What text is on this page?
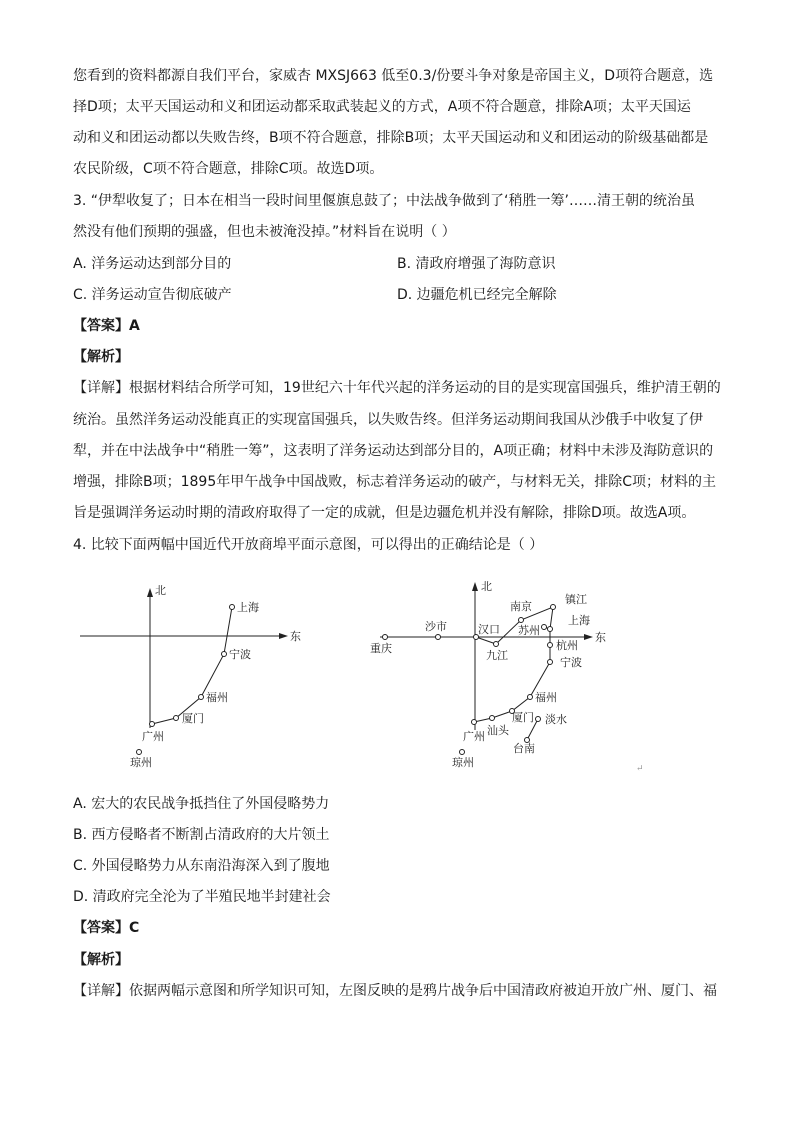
您看到的资料都源自我们平台，家威杏 MXSJ663 低至0.3/份要斗争对象是帝国主义，D项符合题意，选
择D项；太平天国运动和义和团运动都采取武装起义的方式，A项不符合题意，排除A项；太平天国运
动和义和团运动都以失败告终，B项不符合题意，排除B项；太平天国运动和义和团运动的阶级基础都是
农民阶级，C项不符合题意，排除C项。故选D项。
3. “伊犁收复了；日本在相当一段时间里偃旗息鼓了；中法战争做到了‘稍胜一筹’……清王朝的统治虽
然没有他们预期的强盛，但也未被淹没掉。”材料旨在说明（ ）
A. 洋务运动达到部分目的	B. 清政府增强了海防意识
C. 洋务运动宣告彻底破产	D. 边疆危机已经完全解除
【答案】A
【解析】
【详解】根据材料结合所学可知，19世纪六十年代兴起的洋务运动的目的是实现富国强兵，维护清王朝的
统治。虽然洋务运动没能真正的实现富国强兵，以失败告终。但洋务运动期间我国从沙俄手中收复了伊
犁，并在中法战争中“稍胜一筹”，这表明了洋务运动达到部分目的，A项正确；材料中未涉及海防意识的
增强，排除B项；1895年甲午战争中国战败，标志着洋务运动的破产，与材料无关，排除C项；材料的主
旨是强调洋务运动时期的清政府取得了一定的成就，但是边疆危机并没有解除，排除D项。故选A项。
4. 比较下面两幅中国近代开放商埠平面示意图，可以得出的正确结论是（ ）
北
东
上海
宁波
福州
厦门
广州
琼州
北
东
镇江
南京
上海
沙市	汉口 苏州
杭州
重庆
九江
宁波
福州
厦门 淡水
广州 汕头
台南
琼州	↵
A. 宏大的农民战争抵挡住了外国侵略势力
B. 西方侵略者不断割占清政府的大片领土
C. 外国侵略势力从东南沿海深入到了腹地
D. 清政府完全沦为了半殖民地半封建社会
【答案】C
【解析】
【详解】依据两幅示意图和所学知识可知，左图反映的是鸦片战争后中国清政府被迫开放广州、厦门、福
